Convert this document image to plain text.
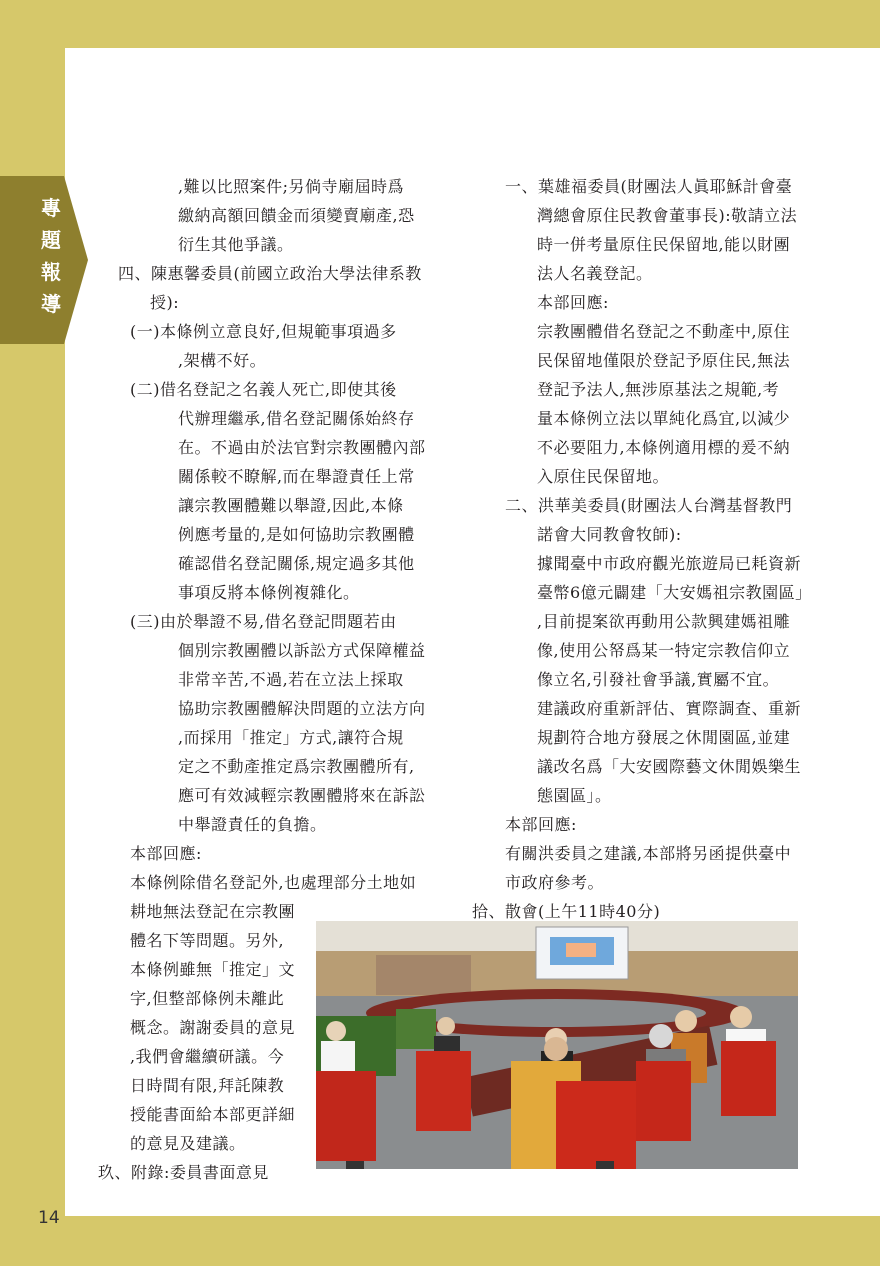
專
題
報
導
14
,難以比照案件;另倘寺廟屆時爲
繳納高額回饋金而須變賣廟產,恐
衍生其他爭議。
四、陳惠馨委員(前國立政治大學法律系教
授):
(一)本條例立意良好,但規範事項過多
,架構不好。
(二)借名登記之名義人死亡,即使其後
代辦理繼承,借名登記關係始終存
在。不過由於法官對宗教團體內部
關係較不瞭解,而在舉證責任上常
讓宗教團體難以舉證,因此,本條
例應考量的,是如何協助宗教團體
確認借名登記關係,規定過多其他
事項反將本條例複雜化。
(三)由於舉證不易,借名登記問題若由
個別宗教團體以訴訟方式保障權益
非常辛苦,不過,若在立法上採取
協助宗教團體解決問題的立法方向
,而採用「推定」方式,讓符合規
定之不動產推定爲宗教團體所有,
應可有效減輕宗教團體將來在訴訟
中舉證責任的負擔。
本部回應:
本條例除借名登記外,也處理部分土地如
耕地無法登記在宗教團
體名下等問題。另外,
本條例雖無「推定」文
字,但整部條例未離此
概念。謝謝委員的意見
,我們會繼續研議。今
日時間有限,拜託陳教
授能書面給本部更詳細
的意見及建議。
玖、附錄:委員書面意見
一、葉雄福委員(財團法人眞耶穌計會臺
灣總會原住民教會董事長):敬請立法
時一併考量原住民保留地,能以財團
法人名義登記。
本部回應:
宗教團體借名登記之不動產中,原住
民保留地僅限於登記予原住民,無法
登記予法人,無涉原基法之規範,考
量本條例立法以單純化爲宜,以減少
不必要阻力,本條例適用標的爰不納
入原住民保留地。
二、洪華美委員(財團法人台灣基督教門
諾會大同教會牧師):
據聞臺中市政府觀光旅遊局已耗資新
臺幣6億元闢建「大安媽祖宗教園區」
,目前提案欲再動用公款興建媽祖雕
像,使用公帑爲某一特定宗教信仰立
像立名,引發社會爭議,實屬不宜。
建議政府重新評估、實際調查、重新
規劃符合地方發展之休閒園區,並建
議改名爲「大安國際藝文休閒娛樂生
態園區」。
本部回應:
有關洪委員之建議,本部將另函提供臺中
市政府參考。
拾、散會(上午11時40分)
